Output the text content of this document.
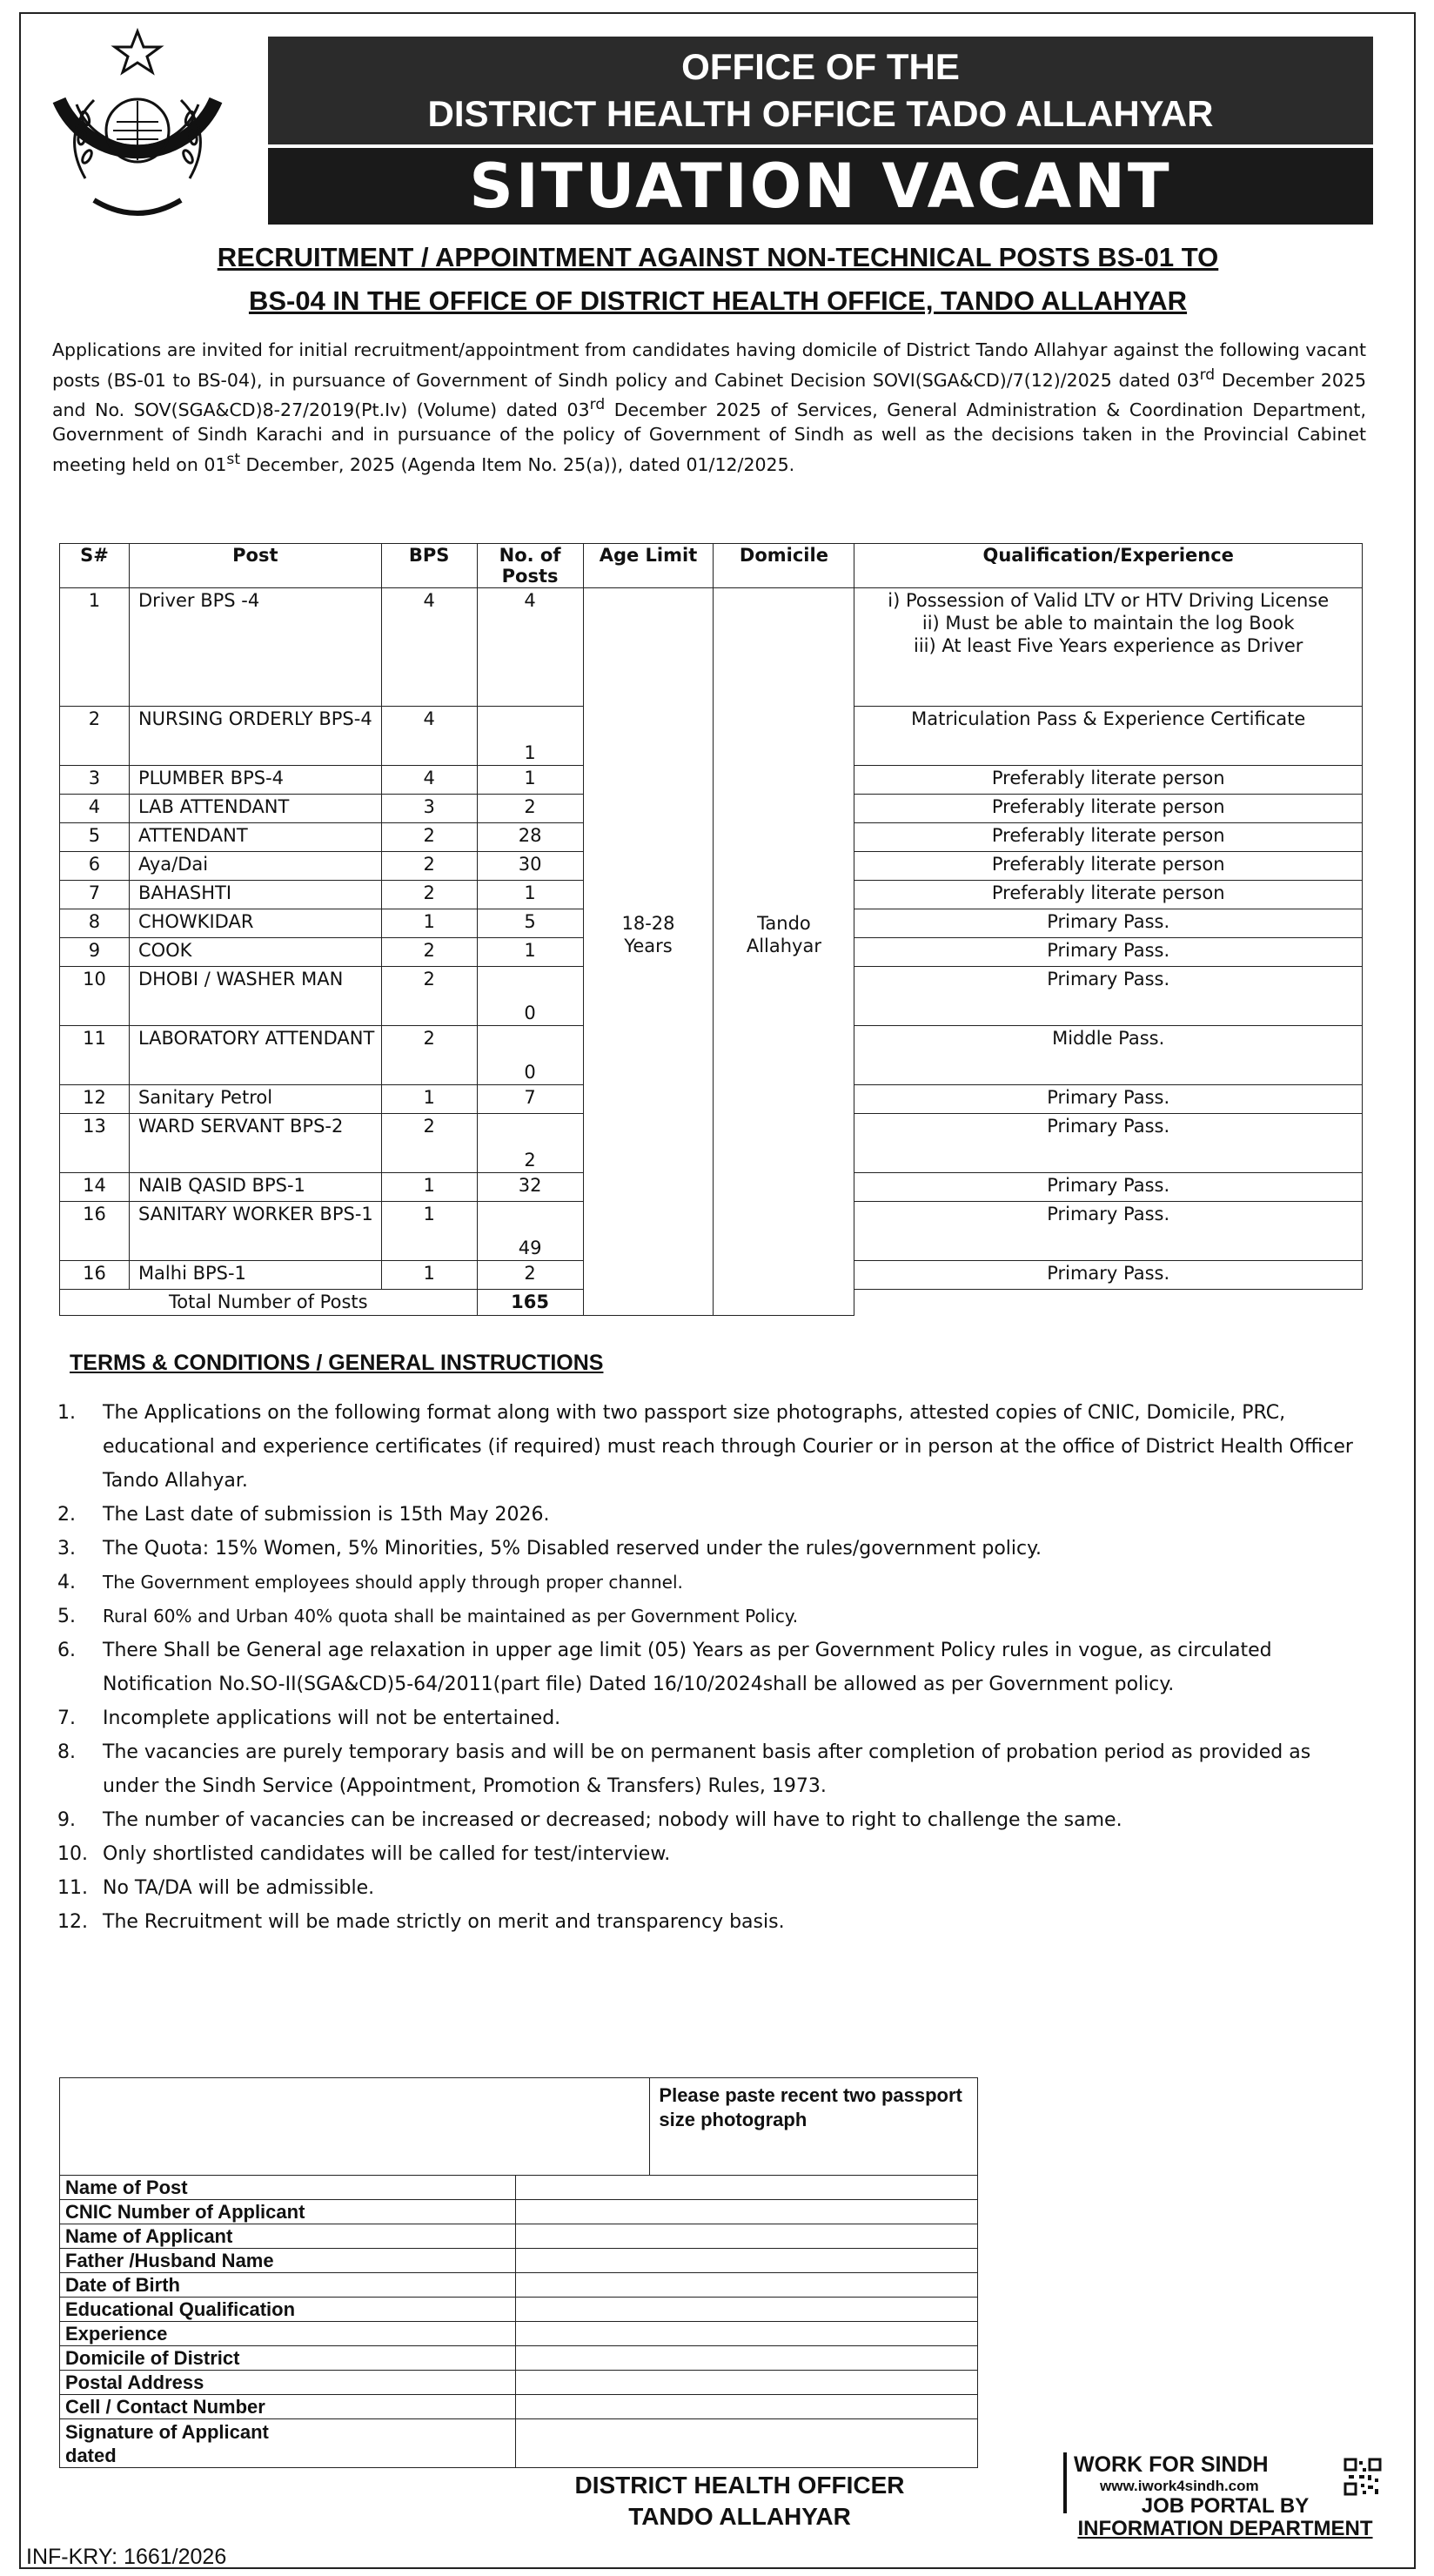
OFFICE OF THE
DISTRICT HEALTH OFFICE TADO ALLAHYAR
SITUATION VACANT
RECRUITMENT / APPOINTMENT AGAINST NON-TECHNICAL POSTS BS-01 TO
BS-04 IN THE OFFICE OF DISTRICT HEALTH OFFICE, TANDO ALLAHYAR
Applications are invited for initial recruitment/appointment from candidates having domicile of District Tando Allahyar against the following vacant posts (BS-01 to BS-04), in pursuance of Government of Sindh policy and Cabinet Decision SOVI(SGA&CD)/7(12)/2025 dated 03rd December 2025 and No. SOV(SGA&CD)8-27/2019(Pt.Iv) (Volume) dated 03rd December 2025 of Services, General Administration & Coordination Department, Government of Sindh Karachi and in pursuance of the policy of Government of Sindh as well as the decisions taken in the Provincial Cabinet meeting held on 01st December, 2025 (Agenda Item No. 25(a)), dated 01/12/2025.
S#	Post	BPS	No. of Posts	Age Limit	Domicile	Qualification/Experience
1	Driver BPS -4	4	4	18-28 Years	Tando Allahyar	i) Possession of Valid LTV or HTV Driving License
ii) Must be able to maintain the log Book
iii) At least Five Years experience as Driver
2	NURSING ORDERLY BPS-4	4	1			Matriculation Pass & Experience Certificate
3	PLUMBER BPS-4	4	1			Preferably literate person
4	LAB ATTENDANT	3	2			Preferably literate person
5	ATTENDANT	2	28			Preferably literate person
6	Aya/Dai	2	30			Preferably literate person
7	BAHASHTI	2	1			Preferably literate person
8	CHOWKIDAR	1	5			Primary Pass.
9	COOK	2	1			Primary Pass.
10	DHOBI / WASHER MAN	2	0			Primary Pass.
11	LABORATORY ATTENDANT	2	0			Middle Pass.
12	Sanitary Petrol	1	7			Primary Pass.
13	WARD SERVANT BPS-2	2	2			Primary Pass.
14	NAIB QASID BPS-1	1	32			Primary Pass.
16	SANITARY WORKER BPS-1	1	49			Primary Pass.
16	Malhi BPS-1	1	2			Primary Pass.
Total Number of Posts			165			
TERMS & CONDITIONS / GENERAL INSTRUCTIONS
1.	The Applications on the following format along with two passport size photographs, attested copies of CNIC, Domicile, PRC, educational and experience certificates (if required) must reach through Courier or in person at the office of District Health Officer Tando Allahyar.
2.	The Last date of submission is 15th May 2026.
3.	The Quota: 15% Women, 5% Minorities, 5% Disabled reserved under the rules/government policy.
4.	The Government employees should apply through proper channel.
5.	Rural 60% and Urban 40% quota shall be maintained as per Government Policy.
6.	There Shall be General age relaxation in upper age limit (05) Years as per Government Policy rules in vogue, as circulated Notification No.SO-II(SGA&CD)5-64/2011(part file) Dated 16/10/2024shall be allowed as per Government policy.
7.	Incomplete applications will not be entertained.
8.	The vacancies are purely temporary basis and will be on permanent basis after completion of probation period as provided as under the Sindh Service (Appointment, Promotion & Transfers) Rules, 1973.
9.	The number of vacancies can be increased or decreased; nobody will have to right to challenge the same.
10. Only shortlisted candidates will be called for test/interview.
11. No TA/DA will be admissible.
12. The Recruitment will be made strictly on merit and transparency basis.
		Please paste recent two passport size photograph
Name of Post		
CNIC Number of Applicant		
Name of Applicant		
Father /Husband Name		
Date of Birth		
Educational Qualification		
Experience		
Domicile of District		
Postal Address		
Cell / Contact Number		
Signature of Applicant dated		
DISTRICT HEALTH OFFICER
TANDO ALLAHYAR
INF-KRY: 1661/2026
WORK FOR SINDH
www.iwork4sindh.com
JOB PORTAL BY
INFORMATION DEPARTMENT
